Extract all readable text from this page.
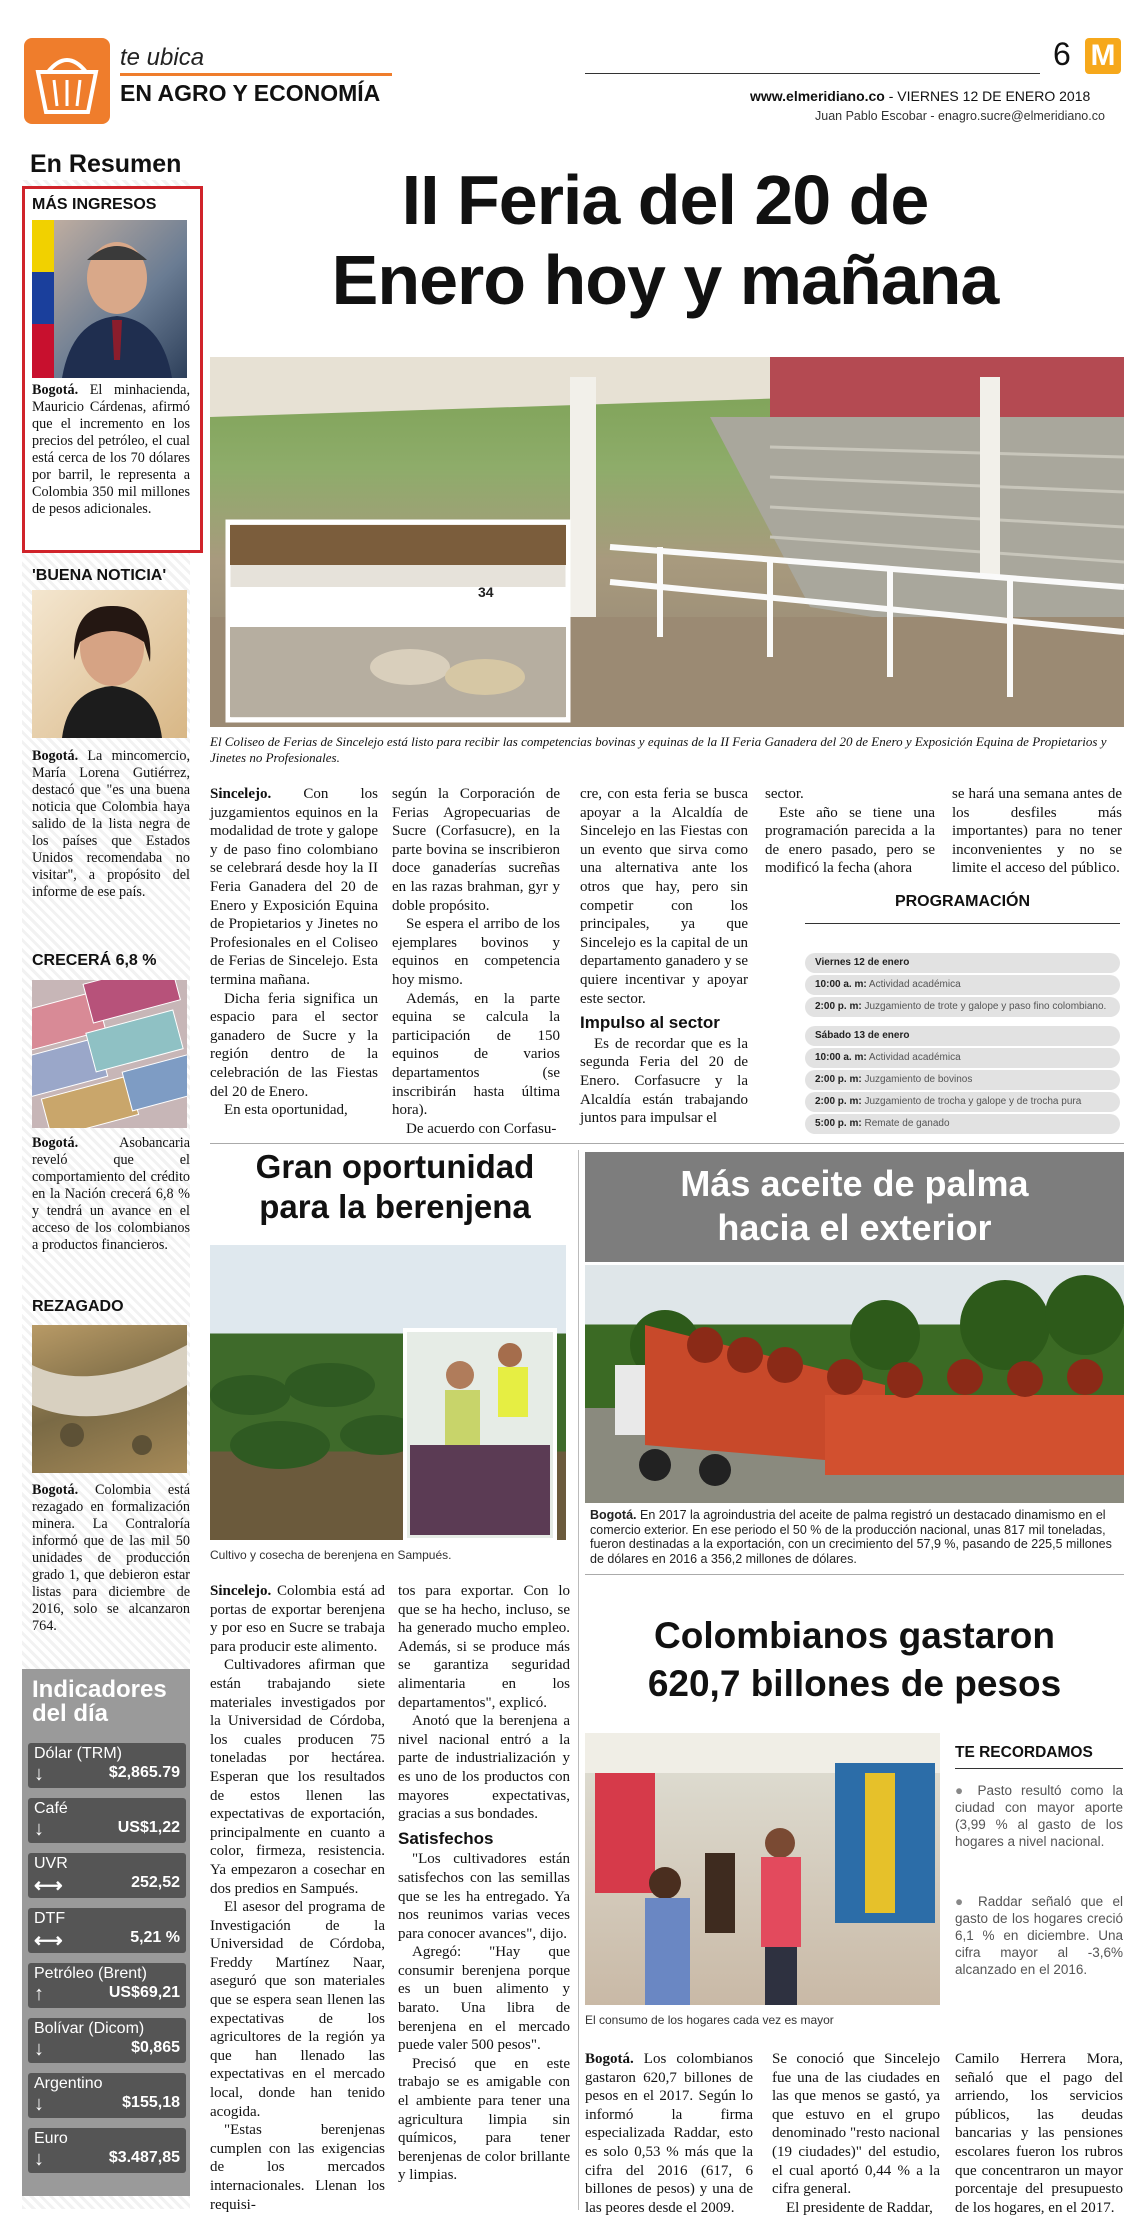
te ubica
EN AGRO Y ECONOMÍA
6 M
www.elmeridiano.co - VIERNES 12 DE ENERO 2018
Juan Pablo Escobar - enagro.sucre@elmeridiano.co
En Resumen
MÁS INGRESOS
Bogotá. El minhacienda, Mauricio Cárdenas, afirmó que el incremento en los precios del petróleo, el cual está cerca de los 70 dólares por barril, le representa a Colombia 350 mil millones de pesos adicionales.
'BUENA NOTICIA'
Bogotá. La mincomercio, María Lorena Gutiérrez, destacó que "es una buena noticia que Colombia haya salido de la lista negra de los países que Estados Unidos recomendaba no visitar", a propósito del informe de ese país.
CRECERÁ 6,8 %
Bogotá. Asobancaria reveló que el comportamiento del crédito en la Nación crecerá 6,8 % y tendrá un avance en el acceso de los colombianos a productos financieros.
REZAGADO
Bogotá. Colombia está rezagado en formalización minera. La Contraloría informó que de las mil 50 unidades de producción grado 1, que debieron estar listas para diciembre de 2016, solo se alcanzaron 764.
Indicadores del día
Dólar (TRM)
↓	$2,865.79
Café
↓	US$1,22
UVR
⟷	252,52
DTF
⟷	5,21 %
Petróleo (Brent)
↑	US$69,21
Bolívar (Dicom)
↓	$0,865
Argentino
↓	$155,18
Euro
↓	$3.487,85
II Feria del 20 de
Enero hoy y mañana
34
El Coliseo de Ferias de Sincelejo está listo para recibir las competencias bovinas y equinas de la II Feria Ganadera del 20 de Enero y Exposición Equina de Propietarios y Jinetes no Profesionales.

Sincelejo. Con los juzgamientos equinos en la modalidad de trote y galope y de paso fino colombiano se celebrará desde hoy la II Feria Ganadera del 20 de Enero y Exposición Equina de Propietarios y Jinetes no Profesionales en el Coliseo de Ferias de Sincelejo. Esta termina mañana.

Dicha feria significa un espacio para el sector ganadero de Sucre y la región dentro de la celebración de las Fiestas del 20 de Enero.

En esta oportunidad,

según la Corporación de Ferias Agropecuarias de Sucre (Corfasucre), en la parte bovina se inscribieron doce ganaderías sucreñas en las razas brahman, gyr y doble propósito.

Se espera el arribo de los ejemplares bovinos y equinos en competencia hoy mismo.

Además, en la parte equina se calcula la participación de 150 equinos de varios departamentos (se inscribirán hasta última hora).

De acuerdo con Corfasu-

cre, con esta feria se busca apoyar a la Alcaldía de Sincelejo en las Fiestas con un evento que sirva como una alternativa ante los otros que hay, pero sin competir con los principales, ya que Sincelejo es la capital de un departamento ganadero y se quiere incentivar y apoyar este sector.

Impulso al sector

Es de recordar que es la segunda Feria del 20 de Enero. Corfasucre y la Alcaldía están trabajando juntos para impulsar el

sector.

Este año se tiene una programación parecida a la de enero pasado, pero se modificó la fecha (ahora

se hará una semana antes de los desfiles más importantes) para no tener inconvenientes y no se limite el acceso del público.

PROGRAMACIÓN
Viernes 12 de enero
10:00 a. m: Actividad académica
2:00 p. m: Juzgamiento de trote y galope y paso fino colombiano.
Sábado 13 de enero
10:00 a. m: Actividad académica
2:00 p. m: Juzgamiento de bovinos
2:00 p. m: Juzgamiento de trocha y galope y de trocha pura
5:00 p. m: Remate de ganado
Gran oportunidad
para la berenjena
Cultivo y cosecha de berenjena en Sampués.

Sincelejo. Colombia está ad portas de exportar berenjena y por eso en Sucre se trabaja para producir este alimento.

Cultivadores afirman que están trabajando siete materiales investigados por la Universidad de Córdoba, los cuales producen 75 toneladas por hectárea. Esperan que los resultados de estos llenen las expectativas de exportación, principalmente en cuanto a color, firmeza, resistencia. Ya empezaron a cosechar en dos predios en Sampués.

El asesor del programa de Investigación de la Universidad de Córdoba, Freddy Martínez Naar, aseguró que son materiales que se espera sean llenen las expectativas de los agricultores de la región ya que han llenado las expectativas en el mercado local, donde han tenido acogida.

"Estas berenjenas cumplen con las exigencias de los mercados internacionales. Llenan los requisi-

tos para exportar. Con lo que se ha hecho, incluso, se ha generado mucho empleo. Además, si se produce más se garantiza seguridad alimentaria en los departamentos", explicó.

Anotó que la berenjena a nivel nacional entró a la parte de industrialización y es uno de los productos con mayores expectativas, gracias a sus bondades.

Satisfechos

"Los cultivadores están satisfechos con las semillas que se les ha entregado. Ya nos reunimos varias veces para conocer avances", dijo.

Agregó: "Hay que consumir berenjena porque es un buen alimento y barato. Una libra de berenjena en el mercado puede valer 500 pesos".

Precisó que en este trabajo se es amigable con el ambiente para tener una agricultura limpia sin químicos, para tener berenjenas de color brillante y limpias.

Más aceite de palma
hacia el exterior
Bogotá. En 2017 la agroindustria del aceite de palma registró un destacado dinamismo en el comercio exterior. En ese periodo el 50 % de la producción nacional, unas 817 mil toneladas, fueron destinadas a la exportación, con un crecimiento del 57,9 %, pasando de 225,5 millones de dólares en 2016 a 356,2 millones de dólares.
Colombianos gastaron
620,7 billones de pesos
El consumo de los hogares cada vez es mayor
TE RECORDAMOS
● Pasto resultó como la ciudad con mayor aporte (3,99 % al gasto de los hogares a nivel nacional.
● Raddar señaló que el gasto de los hogares creció 6,1 % en diciembre. Una cifra mayor al -3,6% alcanzado en el 2016.

Bogotá. Los colombianos gastaron 620,7 billones de pesos en el 2017. Según lo informó la firma especializada Raddar, esto es solo 0,53 % más que la cifra del 2016 (617, 6 billones de pesos) y una de las peores desde el 2009.

Se conoció que Sincelejo fue una de las ciudades en las que menos se gastó, ya que estuvo en el grupo denominado "resto nacional (19 ciudades)" del estudio, el cual aportó 0,44 % a la cifra general.

El presidente de Raddar,

Camilo Herrera Mora, señaló que el pago del arriendo, los servicios públicos, las deudas bancarias y las pensiones escolares fueron los rubros que concentraron un mayor porcentaje del presupuesto de los hogares, en el 2017.
